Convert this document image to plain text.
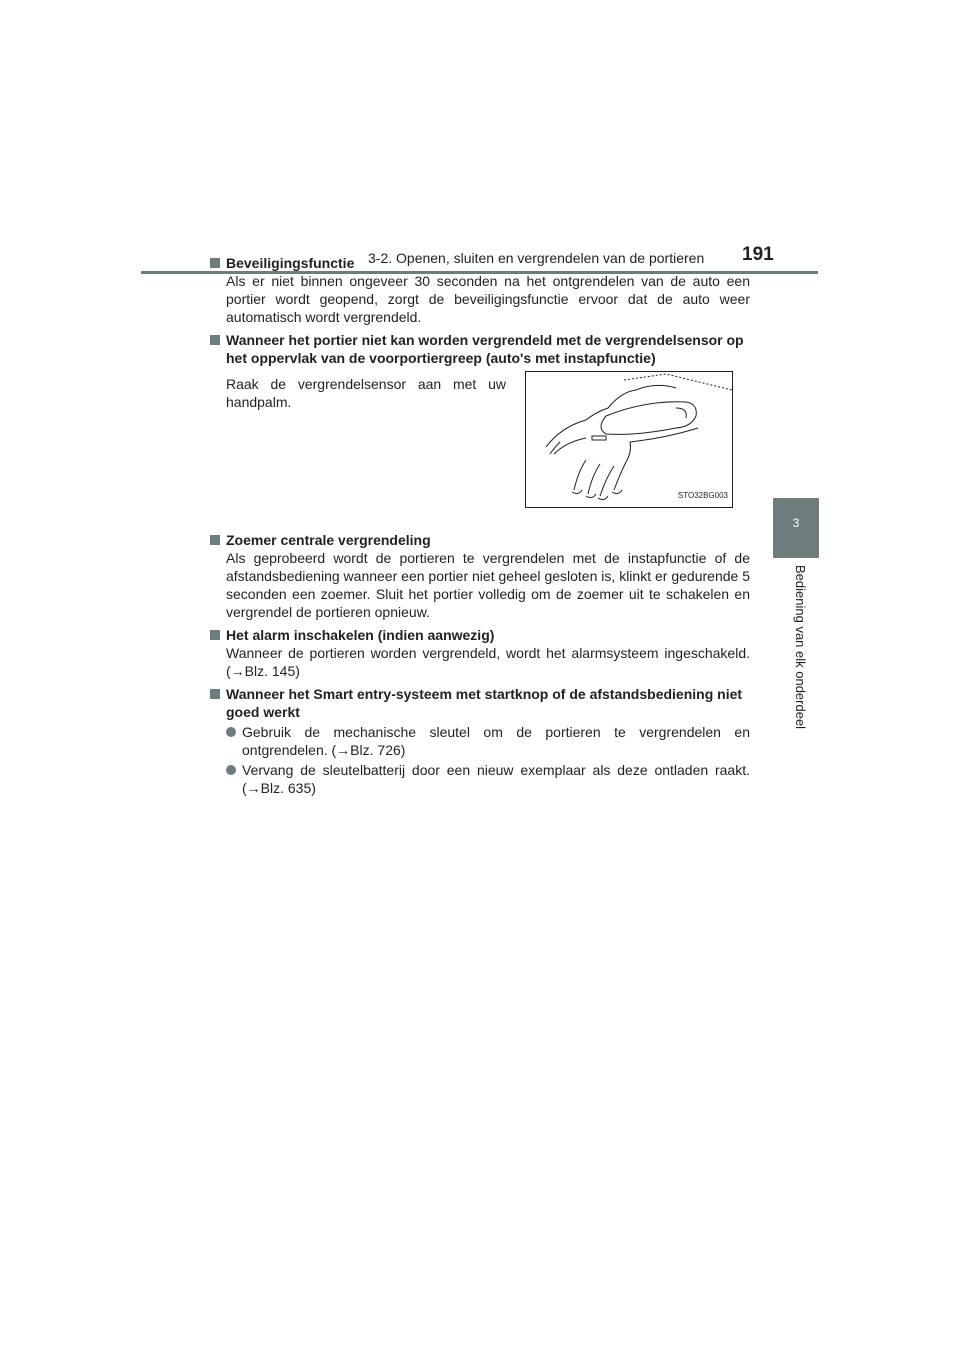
3-2. Openen, sluiten en vergrendelen van de portieren 191
3
Bediening van elk onderdeel
Beveiligingsfunctie
Als er niet binnen ongeveer 30 seconden na het ontgrendelen van de auto een portier wordt geopend, zorgt de beveiligingsfunctie ervoor dat de auto weer automatisch wordt vergrendeld.
Wanneer het portier niet kan worden vergrendeld met de vergrendelsensor op het oppervlak van de voorportiergreep (auto's met instapfunctie)
Raak de vergrendelsensor aan met uw handpalm.
STO32BG003
Zoemer centrale vergrendeling
Als geprobeerd wordt de portieren te vergrendelen met de instapfunctie of de afstandsbediening wanneer een portier niet geheel gesloten is, klinkt er gedurende 5 seconden een zoemer. Sluit het portier volledig om de zoemer uit te schakelen en vergrendel de portieren opnieuw.
Het alarm inschakelen (indien aanwezig)
Wanneer de portieren worden vergrendeld, wordt het alarmsysteem ingeschakeld. (→Blz. 145)
Wanneer het Smart entry-systeem met startknop of de afstandsbediening niet goed werkt
Gebruik de mechanische sleutel om de portieren te vergrendelen en ontgrendelen. (→Blz. 726)
Vervang de sleutelbatterij door een nieuw exemplaar als deze ontladen raakt. (→Blz. 635)
